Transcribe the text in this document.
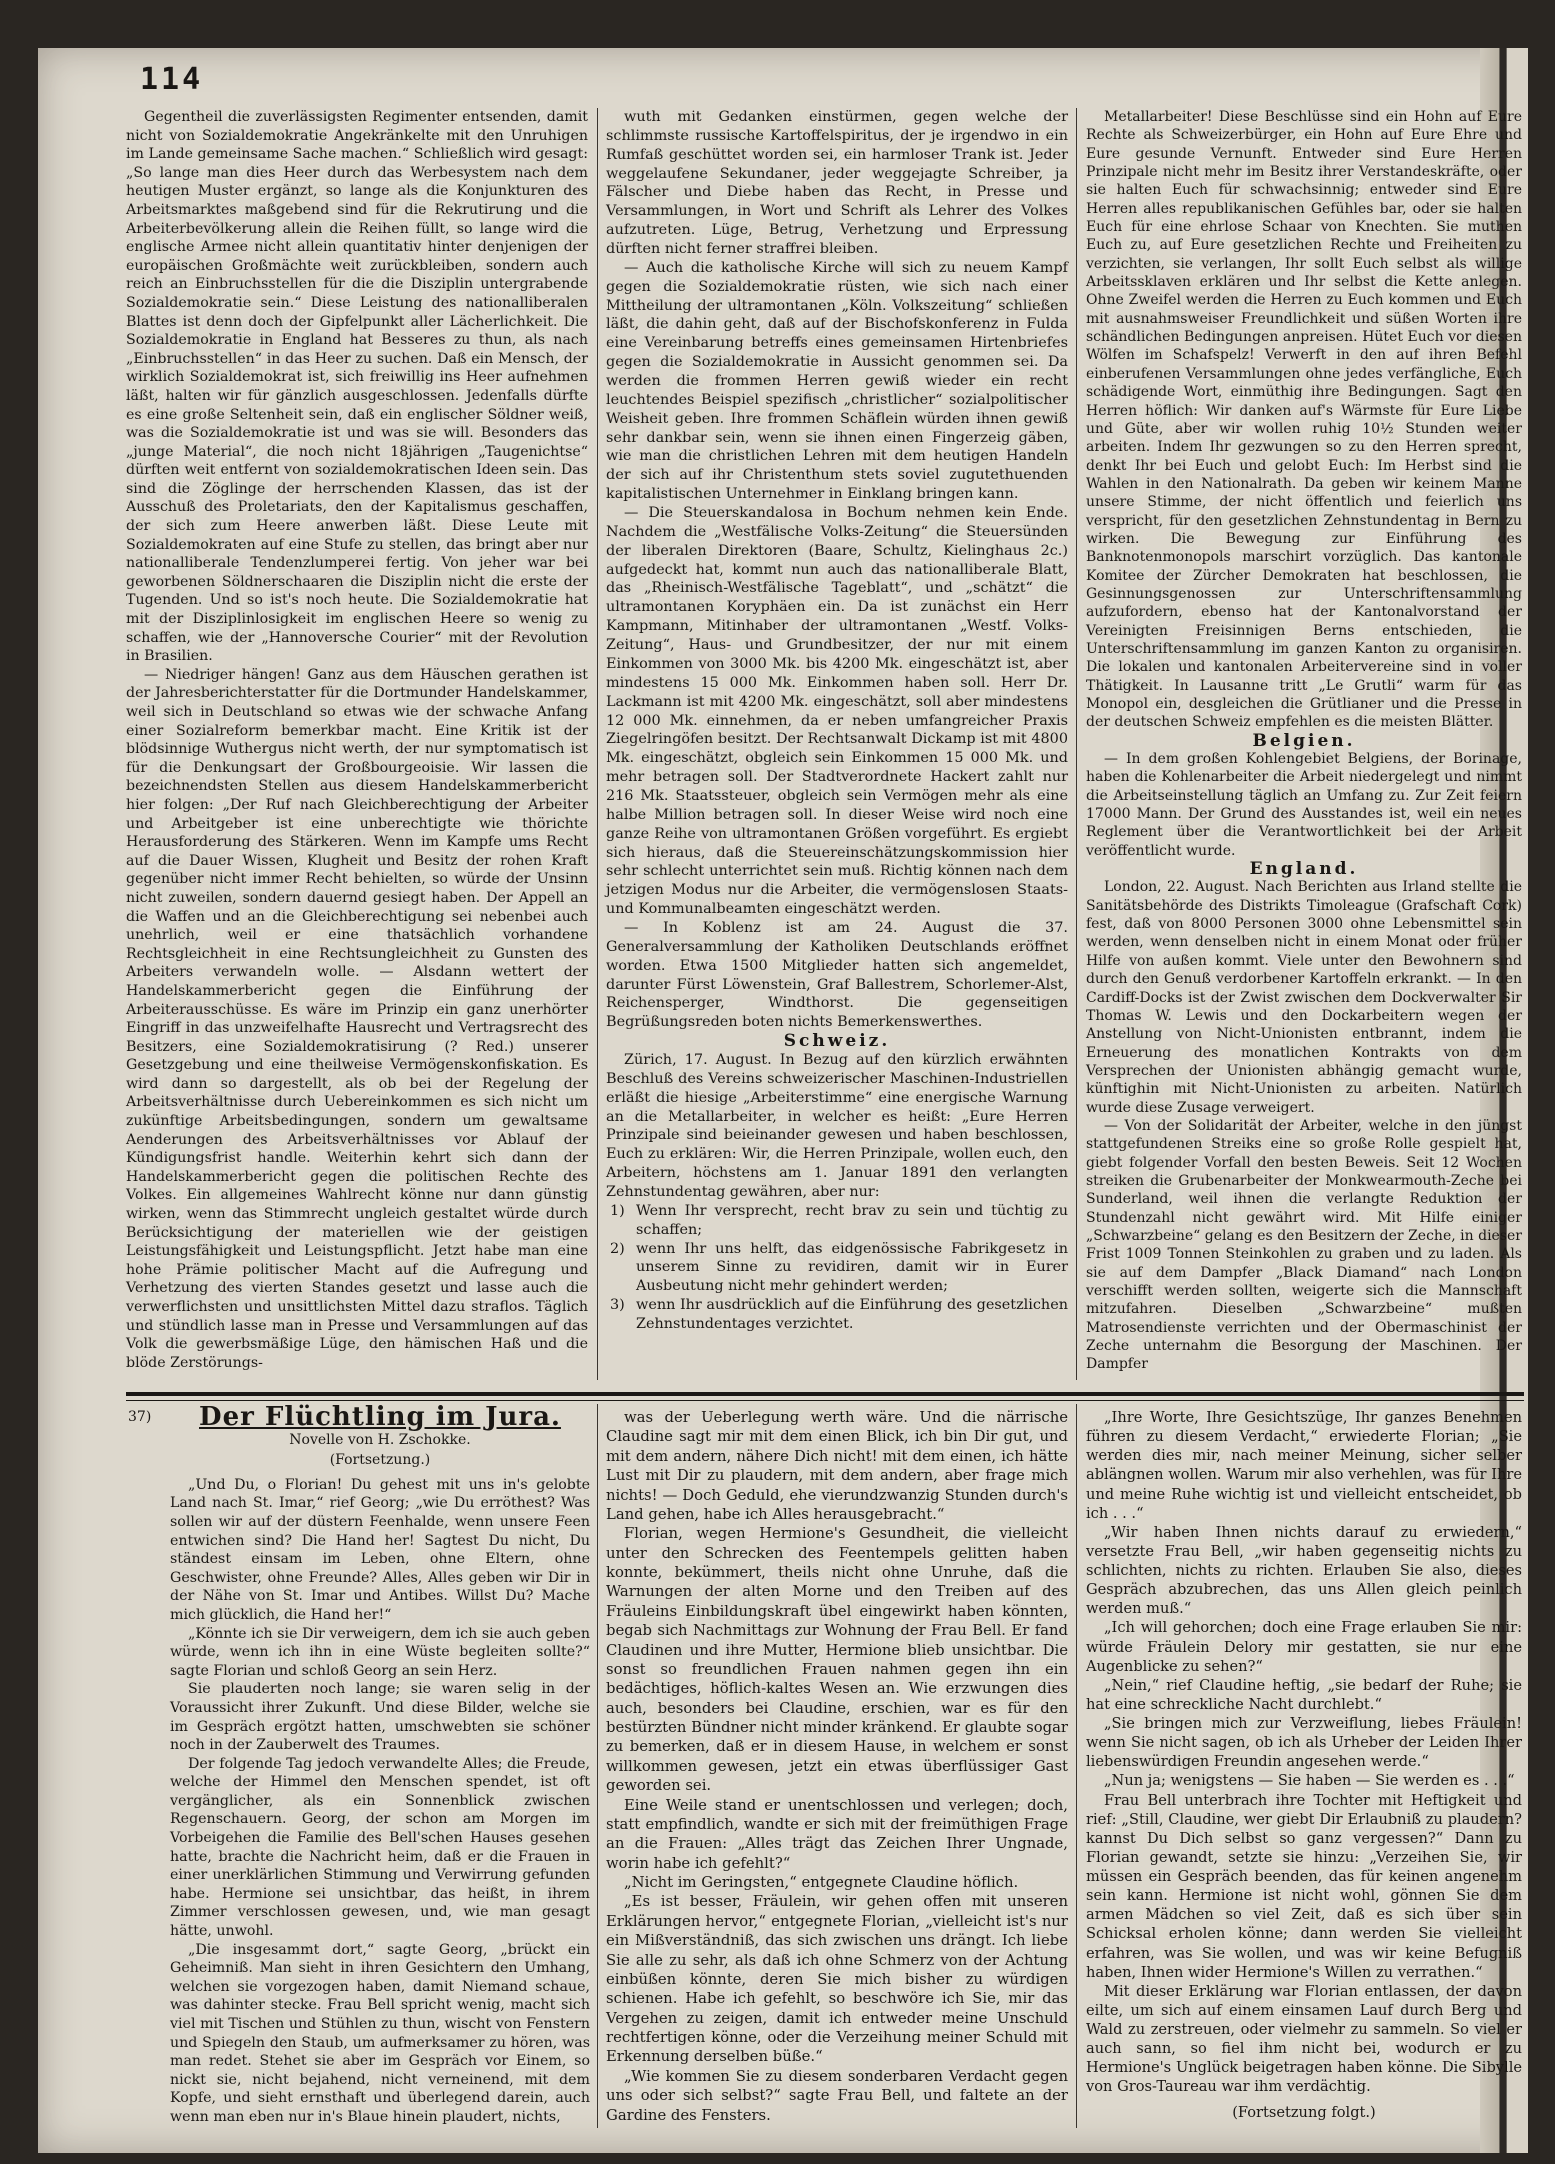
114

Gegentheil die zuverlässigsten Regimenter entsenden, damit nicht von Sozialdemokratie Angekränkelte mit den Unruhigen im Lande gemeinsame Sache machen.“ Schließlich wird gesagt: „So lange man dies Heer durch das Werbesystem nach dem heutigen Muster ergänzt, so lange als die Konjunkturen des Arbeitsmarktes maßgebend sind für die Rekrutirung und die Arbeiterbevölkerung allein die Reihen füllt, so lange wird die englische Armee nicht allein quantitativ hinter denjenigen der europäischen Großmächte weit zurückbleiben, sondern auch reich an Einbruchsstellen für die die Disziplin untergrabende Sozialdemokratie sein.“ Diese Leistung des nationalliberalen Blattes ist denn doch der Gipfelpunkt aller Lächerlichkeit. Die Sozialdemokratie in England hat Besseres zu thun, als nach „Einbruchsstellen“ in das Heer zu suchen. Daß ein Mensch, der wirklich Sozialdemokrat ist, sich freiwillig ins Heer aufnehmen läßt, halten wir für gänzlich ausgeschlossen. Jedenfalls dürfte es eine große Seltenheit sein, daß ein englischer Söldner weiß, was die Sozialdemokratie ist und was sie will. Besonders das „junge Material“, die noch nicht 18jährigen „Taugenichtse“ dürften weit entfernt von sozialdemokratischen Ideen sein. Das sind die Zöglinge der herrschenden Klassen, das ist der Ausschuß des Proletariats, den der Kapitalismus geschaffen, der sich zum Heere anwerben läßt. Diese Leute mit Sozialdemokraten auf eine Stufe zu stellen, das bringt aber nur nationalliberale Tendenzlumperei fertig. Von jeher war bei geworbenen Söldnerschaaren die Disziplin nicht die erste der Tugenden. Und so ist's noch heute. Die Sozialdemokratie hat mit der Disziplinlosigkeit im englischen Heere so wenig zu schaffen, wie der „Hannoversche Courier“ mit der Revolution in Brasilien.

— Niedriger hängen! Ganz aus dem Häuschen gerathen ist der Jahresberichterstatter für die Dortmunder Handelskammer, weil sich in Deutschland so etwas wie der schwache Anfang einer Sozialreform bemerkbar macht. Eine Kritik ist der blödsinnige Wuthergus nicht werth, der nur symptomatisch ist für die Denkungsart der Großbourgeoisie. Wir lassen die bezeichnendsten Stellen aus diesem Handelskammerbericht hier folgen: „Der Ruf nach Gleichberechtigung der Arbeiter und Arbeitgeber ist eine unberechtigte wie thörichte Herausforderung des Stärkeren. Wenn im Kampfe ums Recht auf die Dauer Wissen, Klugheit und Besitz der rohen Kraft gegenüber nicht immer Recht behielten, so würde der Unsinn nicht zuweilen, sondern dauernd gesiegt haben. Der Appell an die Waffen und an die Gleichberechtigung sei nebenbei auch unehrlich, weil er eine thatsächlich vorhandene Rechtsgleichheit in eine Rechtsungleichheit zu Gunsten des Arbeiters verwandeln wolle. — Alsdann wettert der Handelskammerbericht gegen die Einführung der Arbeiterausschüsse. Es wäre im Prinzip ein ganz unerhörter Eingriff in das unzweifelhafte Hausrecht und Vertragsrecht des Besitzers, eine Sozialdemokratisirung (? Red.) unserer Gesetzgebung und eine theilweise Vermögenskonfiskation. Es wird dann so dargestellt, als ob bei der Regelung der Arbeitsverhältnisse durch Uebereinkommen es sich nicht um zukünftige Arbeitsbedingungen, sondern um gewaltsame Aenderungen des Arbeitsverhältnisses vor Ablauf der Kündigungsfrist handle. Weiterhin kehrt sich dann der Handelskammerbericht gegen die politischen Rechte des Volkes. Ein allgemeines Wahlrecht könne nur dann günstig wirken, wenn das Stimmrecht ungleich gestaltet würde durch Berücksichtigung der materiellen wie der geistigen Leistungsfähigkeit und Leistungspflicht. Jetzt habe man eine hohe Prämie politischer Macht auf die Aufregung und Verhetzung des vierten Standes gesetzt und lasse auch die verwerflichsten und unsittlichsten Mittel dazu straflos. Täglich und stündlich lasse man in Presse und Versammlungen auf das Volk die gewerbsmäßige Lüge, den hämischen Haß und die blöde Zerstörungs-

wuth mit Gedanken einstürmen, gegen welche der schlimmste russische Kartoffelspiritus, der je irgendwo in ein Rumfaß geschüttet worden sei, ein harmloser Trank ist. Jeder weggelaufene Sekundaner, jeder weggejagte Schreiber, ja Fälscher und Diebe haben das Recht, in Presse und Versammlungen, in Wort und Schrift als Lehrer des Volkes aufzutreten. Lüge, Betrug, Verhetzung und Erpressung dürften nicht ferner straffrei bleiben.

— Auch die katholische Kirche will sich zu neuem Kampf gegen die Sozialdemokratie rüsten, wie sich nach einer Mittheilung der ultramontanen „Köln. Volkszeitung“ schließen läßt, die dahin geht, daß auf der Bischofskonferenz in Fulda eine Vereinbarung betreffs eines gemeinsamen Hirtenbriefes gegen die Sozialdemokratie in Aussicht genommen sei. Da werden die frommen Herren gewiß wieder ein recht leuchtendes Beispiel spezifisch „christlicher“ sozialpolitischer Weisheit geben. Ihre frommen Schäflein würden ihnen gewiß sehr dankbar sein, wenn sie ihnen einen Fingerzeig gäben, wie man die christlichen Lehren mit dem heutigen Handeln der sich auf ihr Christenthum stets soviel zugutethuenden kapitalistischen Unternehmer in Einklang bringen kann.

— Die Steuerskandalosa in Bochum nehmen kein Ende. Nachdem die „Westfälische Volks-Zeitung“ die Steuersünden der liberalen Direktoren (Baare, Schultz, Kielinghaus 2c.) aufgedeckt hat, kommt nun auch das nationalliberale Blatt, das „Rheinisch-Westfälische Tageblatt“, und „schätzt“ die ultramontanen Koryphäen ein. Da ist zunächst ein Herr Kampmann, Mitinhaber der ultramontanen „Westf. Volks-Zeitung“, Haus- und Grundbesitzer, der nur mit einem Einkommen von 3000 Mk. bis 4200 Mk. eingeschätzt ist, aber mindestens 15 000 Mk. Einkommen haben soll. Herr Dr. Lackmann ist mit 4200 Mk. eingeschätzt, soll aber mindestens 12 000 Mk. einnehmen, da er neben umfangreicher Praxis Ziegelringöfen besitzt. Der Rechtsanwalt Dickamp ist mit 4800 Mk. eingeschätzt, obgleich sein Einkommen 15 000 Mk. und mehr betragen soll. Der Stadtverordnete Hackert zahlt nur 216 Mk. Staatssteuer, obgleich sein Vermögen mehr als eine halbe Million betragen soll. In dieser Weise wird noch eine ganze Reihe von ultramontanen Größen vorgeführt. Es ergiebt sich hieraus, daß die Steuereinschätzungskommission hier sehr schlecht unterrichtet sein muß. Richtig können nach dem jetzigen Modus nur die Arbeiter, die vermögenslosen Staats- und Kommunalbeamten eingeschätzt werden.

— In Koblenz ist am 24. August die 37. Generalversammlung der Katholiken Deutschlands eröffnet worden. Etwa 1500 Mitglieder hatten sich angemeldet, darunter Fürst Löwenstein, Graf Ballestrem, Schorlemer-Alst, Reichensperger, Windthorst. Die gegenseitigen Begrüßungsreden boten nichts Bemerkenswerthes.

Schweiz.

Zürich, 17. August. In Bezug auf den kürzlich erwähnten Beschluß des Vereins schweizerischer Maschinen-Industriellen erläßt die hiesige „Arbeiterstimme“ eine energische Warnung an die Metallarbeiter, in welcher es heißt: „Eure Herren Prinzipale sind beieinander gewesen und haben beschlossen, Euch zu erklären: Wir, die Herren Prinzipale, wollen euch, den Arbeitern, höchstens am 1. Januar 1891 den verlangten Zehnstundentag gewähren, aber nur:

1) Wenn Ihr versprecht, recht brav zu sein und tüchtig zu schaffen;

2) wenn Ihr uns helft, das eidgenössische Fabrikgesetz in unserem Sinne zu revidiren, damit wir in Eurer Ausbeutung nicht mehr gehindert werden;

3) wenn Ihr ausdrücklich auf die Einführung des gesetzlichen Zehnstundentages verzichtet.

Metallarbeiter! Diese Beschlüsse sind ein Hohn auf Eure Rechte als Schweizerbürger, ein Hohn auf Eure Ehre und Eure gesunde Vernunft. Entweder sind Eure Herren Prinzipale nicht mehr im Besitz ihrer Verstandeskräfte, oder sie halten Euch für schwachsinnig; entweder sind Eure Herren alles republikanischen Gefühles bar, oder sie halten Euch für eine ehrlose Schaar von Knechten. Sie muthen Euch zu, auf Eure gesetzlichen Rechte und Freiheiten zu verzichten, sie verlangen, Ihr sollt Euch selbst als willige Arbeitssklaven erklären und Ihr selbst die Kette anlegen. Ohne Zweifel werden die Herren zu Euch kommen und Euch mit ausnahmsweiser Freundlichkeit und süßen Worten ihre schändlichen Bedingungen anpreisen. Hütet Euch vor diesen Wölfen im Schafspelz! Verwerft in den auf ihren Befehl einberufenen Versammlungen ohne jedes verfängliche, Euch schädigende Wort, einmüthig ihre Bedingungen. Sagt den Herren höflich: Wir danken auf's Wärmste für Eure Liebe und Güte, aber wir wollen ruhig 10½ Stunden weiter arbeiten. Indem Ihr gezwungen so zu den Herren sprecht, denkt Ihr bei Euch und gelobt Euch: Im Herbst sind die Wahlen in den Nationalrath. Da geben wir keinem Manne unsere Stimme, der nicht öffentlich und feierlich uns verspricht, für den gesetzlichen Zehnstundentag in Bern zu wirken. Die Bewegung zur Einführung des Banknotenmonopols marschirt vorzüglich. Das kantonale Komitee der Zürcher Demokraten hat beschlossen, die Gesinnungsgenossen zur Unterschriftensammlung aufzufordern, ebenso hat der Kantonalvorstand der Vereinigten Freisinnigen Berns entschieden, die Unterschriftensammlung im ganzen Kanton zu organisiren. Die lokalen und kantonalen Arbeitervereine sind in voller Thätigkeit. In Lausanne tritt „Le Grutli“ warm für das Monopol ein, desgleichen die Grütlianer und die Presse in der deutschen Schweiz empfehlen es die meisten Blätter.

Belgien.

— In dem großen Kohlengebiet Belgiens, der Borinage, haben die Kohlenarbeiter die Arbeit niedergelegt und nimmt die Arbeitseinstellung täglich an Umfang zu. Zur Zeit feiern 17000 Mann. Der Grund des Ausstandes ist, weil ein neues Reglement über die Verantwortlichkeit bei der Arbeit veröffentlicht wurde.

England.

London, 22. August. Nach Berichten aus Irland stellte die Sanitätsbehörde des Distrikts Timoleague (Grafschaft Cork) fest, daß von 8000 Personen 3000 ohne Lebensmittel sein werden, wenn denselben nicht in einem Monat oder früher Hilfe von außen kommt. Viele unter den Bewohnern sind durch den Genuß verdorbener Kartoffeln erkrankt. — In den Cardiff-Docks ist der Zwist zwischen dem Dockverwalter Sir Thomas W. Lewis und den Dockarbeitern wegen der Anstellung von Nicht-Unionisten entbrannt, indem die Erneuerung des monatlichen Kontrakts von dem Versprechen der Unionisten abhängig gemacht wurde, künftighin mit Nicht-Unionisten zu arbeiten. Natürlich wurde diese Zusage verweigert.

— Von der Solidarität der Arbeiter, welche in den jüngst stattgefundenen Streiks eine so große Rolle gespielt hat, giebt folgender Vorfall den besten Beweis. Seit 12 Wochen streiken die Grubenarbeiter der Monkwearmouth-Zeche bei Sunderland, weil ihnen die verlangte Reduktion der Stundenzahl nicht gewährt wird. Mit Hilfe einiger „Schwarzbeine“ gelang es den Besitzern der Zeche, in dieser Frist 1009 Tonnen Steinkohlen zu graben und zu laden. Als sie auf dem Dampfer „Black Diamand“ nach London verschifft werden sollten, weigerte sich die Mannschaft mitzufahren. Dieselben „Schwarzbeine“ mußten Matrosendienste verrichten und der Obermaschinist der Zeche unternahm die Besorgung der Maschinen. Der Dampfer

37)	Der Flüchtling im Jura.
Novelle von H. Zschokke.
(Fortsetzung.)

„Und Du, o Florian! Du gehest mit uns in's gelobte Land nach St. Imar,“ rief Georg; „wie Du erröthest? Was sollen wir auf der düstern Feenhalde, wenn unsere Feen entwichen sind? Die Hand her! Sagtest Du nicht, Du ständest einsam im Leben, ohne Eltern, ohne Geschwister, ohne Freunde? Alles, Alles geben wir Dir in der Nähe von St. Imar und Antibes. Willst Du? Mache mich glücklich, die Hand her!“

„Könnte ich sie Dir verweigern, dem ich sie auch geben würde, wenn ich ihn in eine Wüste begleiten sollte?“ sagte Florian und schloß Georg an sein Herz.

Sie plauderten noch lange; sie waren selig in der Voraussicht ihrer Zukunft. Und diese Bilder, welche sie im Gespräch ergötzt hatten, umschwebten sie schöner noch in der Zauberwelt des Traumes.

Der folgende Tag jedoch verwandelte Alles; die Freude, welche der Himmel den Menschen spendet, ist oft vergänglicher, als ein Sonnenblick zwischen Regenschauern. Georg, der schon am Morgen im Vorbeigehen die Familie des Bell'schen Hauses gesehen hatte, brachte die Nachricht heim, daß er die Frauen in einer unerklärlichen Stimmung und Verwirrung gefunden habe. Hermione sei unsichtbar, das heißt, in ihrem Zimmer verschlossen gewesen, und, wie man gesagt hätte, unwohl.

„Die insgesammt dort,“ sagte Georg, „brückt ein Geheimniß. Man sieht in ihren Gesichtern den Umhang, welchen sie vorgezogen haben, damit Niemand schaue, was dahinter stecke. Frau Bell spricht wenig, macht sich viel mit Tischen und Stühlen zu thun, wischt von Fenstern und Spiegeln den Staub, um aufmerksamer zu hören, was man redet. Stehet sie aber im Gespräch vor Einem, so nickt sie, nicht bejahend, nicht verneinend, mit dem Kopfe, und sieht ernsthaft und überlegend darein, auch wenn man eben nur in's Blaue hinein plaudert, nichts,

was der Ueberlegung werth wäre. Und die närrische Claudine sagt mir mit dem einen Blick, ich bin Dir gut, und mit dem andern, nähere Dich nicht! mit dem einen, ich hätte Lust mit Dir zu plaudern, mit dem andern, aber frage mich nichts! — Doch Geduld, ehe vierundzwanzig Stunden durch's Land gehen, habe ich Alles herausgebracht.“

Florian, wegen Hermione's Gesundheit, die vielleicht unter den Schrecken des Feentempels gelitten haben konnte, bekümmert, theils nicht ohne Unruhe, daß die Warnungen der alten Morne und den Treiben auf des Fräuleins Einbildungskraft übel eingewirkt haben könnten, begab sich Nachmittags zur Wohnung der Frau Bell. Er fand Claudinen und ihre Mutter, Hermione blieb unsichtbar. Die sonst so freundlichen Frauen nahmen gegen ihn ein bedächtiges, höflich-kaltes Wesen an. Wie erzwungen dies auch, besonders bei Claudine, erschien, war es für den bestürzten Bündner nicht minder kränkend. Er glaubte sogar zu bemerken, daß er in diesem Hause, in welchem er sonst willkommen gewesen, jetzt ein etwas überflüssiger Gast geworden sei.

Eine Weile stand er unentschlossen und verlegen; doch, statt empfindlich, wandte er sich mit der freimüthigen Frage an die Frauen: „Alles trägt das Zeichen Ihrer Ungnade, worin habe ich gefehlt?“

„Nicht im Geringsten,“ entgegnete Claudine höflich.

„Es ist besser, Fräulein, wir gehen offen mit unseren Erklärungen hervor,“ entgegnete Florian, „vielleicht ist's nur ein Mißverständniß, das sich zwischen uns drängt. Ich liebe Sie alle zu sehr, als daß ich ohne Schmerz von der Achtung einbüßen könnte, deren Sie mich bisher zu würdigen schienen. Habe ich gefehlt, so beschwöre ich Sie, mir das Vergehen zu zeigen, damit ich entweder meine Unschuld rechtfertigen könne, oder die Verzeihung meiner Schuld mit Erkennung derselben büße.“

„Wie kommen Sie zu diesem sonderbaren Verdacht gegen uns oder sich selbst?“ sagte Frau Bell, und faltete an der Gardine des Fensters.

„Ihre Worte, Ihre Gesichtszüge, Ihr ganzes Benehmen führen zu diesem Verdacht,“ erwiederte Florian; „Sie werden dies mir, nach meiner Meinung, sicher selber ablängnen wollen. Warum mir also verhehlen, was für Ihre und meine Ruhe wichtig ist und vielleicht entscheidet, ob ich . . .“

„Wir haben Ihnen nichts darauf zu erwiedern,“ versetzte Frau Bell, „wir haben gegenseitig nichts zu schlichten, nichts zu richten. Erlauben Sie also, dieses Gespräch abzubrechen, das uns Allen gleich peinlich werden muß.“

„Ich will gehorchen; doch eine Frage erlauben Sie mir: würde Fräulein Delory mir gestatten, sie nur eine Augenblicke zu sehen?“

„Nein,“ rief Claudine heftig, „sie bedarf der Ruhe; sie hat eine schreckliche Nacht durchlebt.“

„Sie bringen mich zur Verzweiflung, liebes Fräulein! wenn Sie nicht sagen, ob ich als Urheber der Leiden Ihrer liebenswürdigen Freundin angesehen werde.“

„Nun ja; wenigstens — Sie haben — Sie werden es . . .“

Frau Bell unterbrach ihre Tochter mit Heftigkeit und rief: „Still, Claudine, wer giebt Dir Erlaubniß zu plaudern? kannst Du Dich selbst so ganz vergessen?“ Dann zu Florian gewandt, setzte sie hinzu: „Verzeihen Sie, wir müssen ein Gespräch beenden, das für keinen angenehm sein kann. Hermione ist nicht wohl, gönnen Sie dem armen Mädchen so viel Zeit, daß es sich über sein Schicksal erholen könne; dann werden Sie vielleicht erfahren, was Sie wollen, und was wir keine Befugniß haben, Ihnen wider Hermione's Willen zu verrathen.“

Mit dieser Erklärung war Florian entlassen, der davon eilte, um sich auf einem einsamen Lauf durch Berg und Wald zu zerstreuen, oder vielmehr zu sammeln. So viel er auch sann, so fiel ihm nicht bei, wodurch er zu Hermione's Unglück beigetragen haben könne. Die Sibylle von Gros-Taureau war ihm verdächtig.

(Fortsetzung folgt.)
